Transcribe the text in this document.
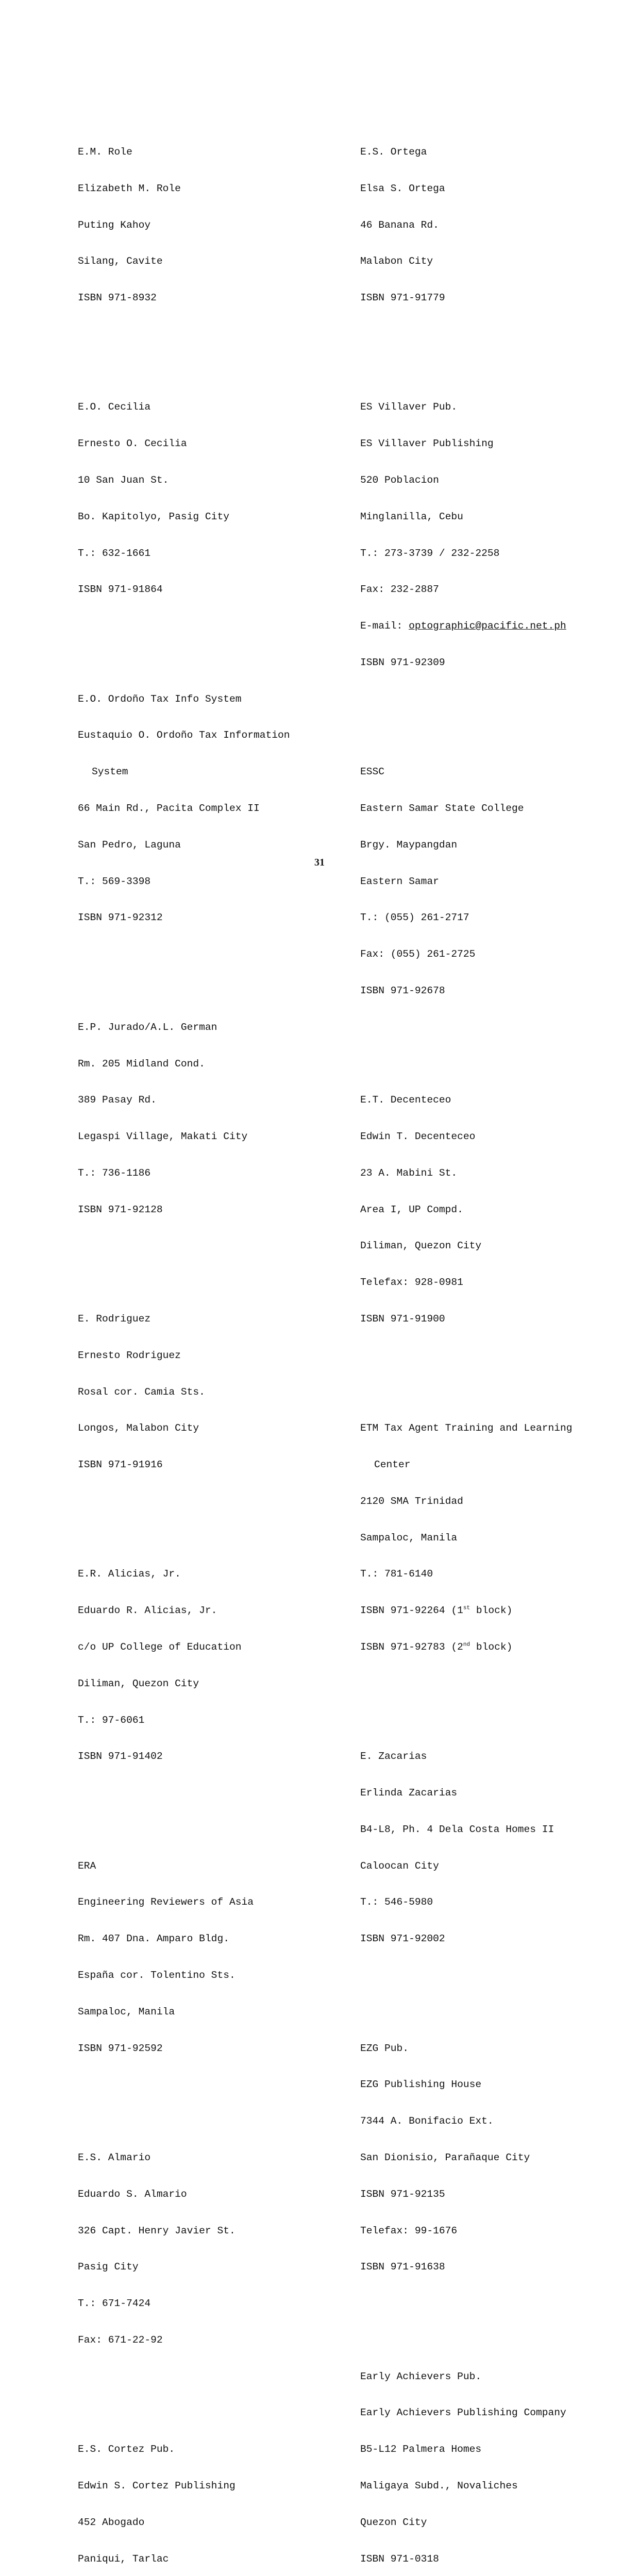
E.M. Role

Elizabeth M. Role

Puting Kahoy

Silang, Cavite

ISBN 971-8932

E.O. Cecilia

Ernesto O. Cecilia

10 San Juan St.

Bo. Kapitolyo, Pasig City

T.: 632-1661

ISBN 971-91864

E.O. Ordoño Tax Info System

Eustaquio O. Ordoño Tax Information

System

66 Main Rd., Pacita Complex II

San Pedro, Laguna

T.: 569-3398

ISBN 971-92312

E.P. Jurado/A.L. German

Rm. 205 Midland Cond.

389 Pasay Rd.

Legaspi Village, Makati City

T.: 736-1186

ISBN 971-92128

E. Rodriguez

Ernesto Rodriguez

Rosal cor. Camia Sts.

Longos, Malabon City

ISBN 971-91916

E.R. Alicias, Jr.

Eduardo R. Alicias, Jr.

c/o UP College of Education

Diliman, Quezon City

T.: 97-6061

ISBN 971-91402

ERA

Engineering Reviewers of Asia

Rm. 407 Dna. Amparo Bldg.

España cor. Tolentino Sts.

Sampaloc, Manila

ISBN 971-92592

E.S. Almario

Eduardo S. Almario

326 Capt. Henry Javier St.

Pasig City

T.: 671-7424

Fax: 671-22-92

E.S. Cortez Pub.

Edwin S. Cortez Publishing

452 Abogado

Paniqui, Tarlac

E.S. Ortega

Elsa S. Ortega

46 Banana Rd.

Malabon City

ISBN 971-91779

ES Villaver Pub.

ES Villaver Publishing

520 Poblacion

Minglanilla, Cebu

T.: 273-3739 / 232-2258

Fax: 232-2887

E-mail: optographic@pacific.net.ph

ISBN 971-92309

ESSC

Eastern Samar State College

Brgy. Maypangdan

Eastern Samar

T.: (055) 261-2717

Fax: (055) 261-2725

ISBN 971-92678

E.T. Decenteceo

Edwin T. Decenteceo

23 A. Mabini St.

Area I, UP Compd.

Diliman, Quezon City

Telefax: 928-0981

ISBN 971-91900

ETM Tax Agent Training and Learning

Center

2120 SMA Trinidad

Sampaloc, Manila

T.: 781-6140

ISBN 971-92264 (1st block)

ISBN 971-92783 (2nd block)

E. Zacarias

Erlinda Zacarias

B4-L8, Ph. 4 Dela Costa Homes II

Caloocan City

T.: 546-5980

ISBN 971-92002

EZG Pub.

EZG Publishing House

7344 A. Bonifacio Ext.

San Dionisio, Parañaque City

ISBN 971-92135

Telefax: 99-1676

ISBN 971-91638

Early Achievers Pub.

Early Achievers Publishing Company

B5-L12 Palmera Homes

Maligaya Subd., Novaliches

Quezon City

ISBN 971-0318

31
